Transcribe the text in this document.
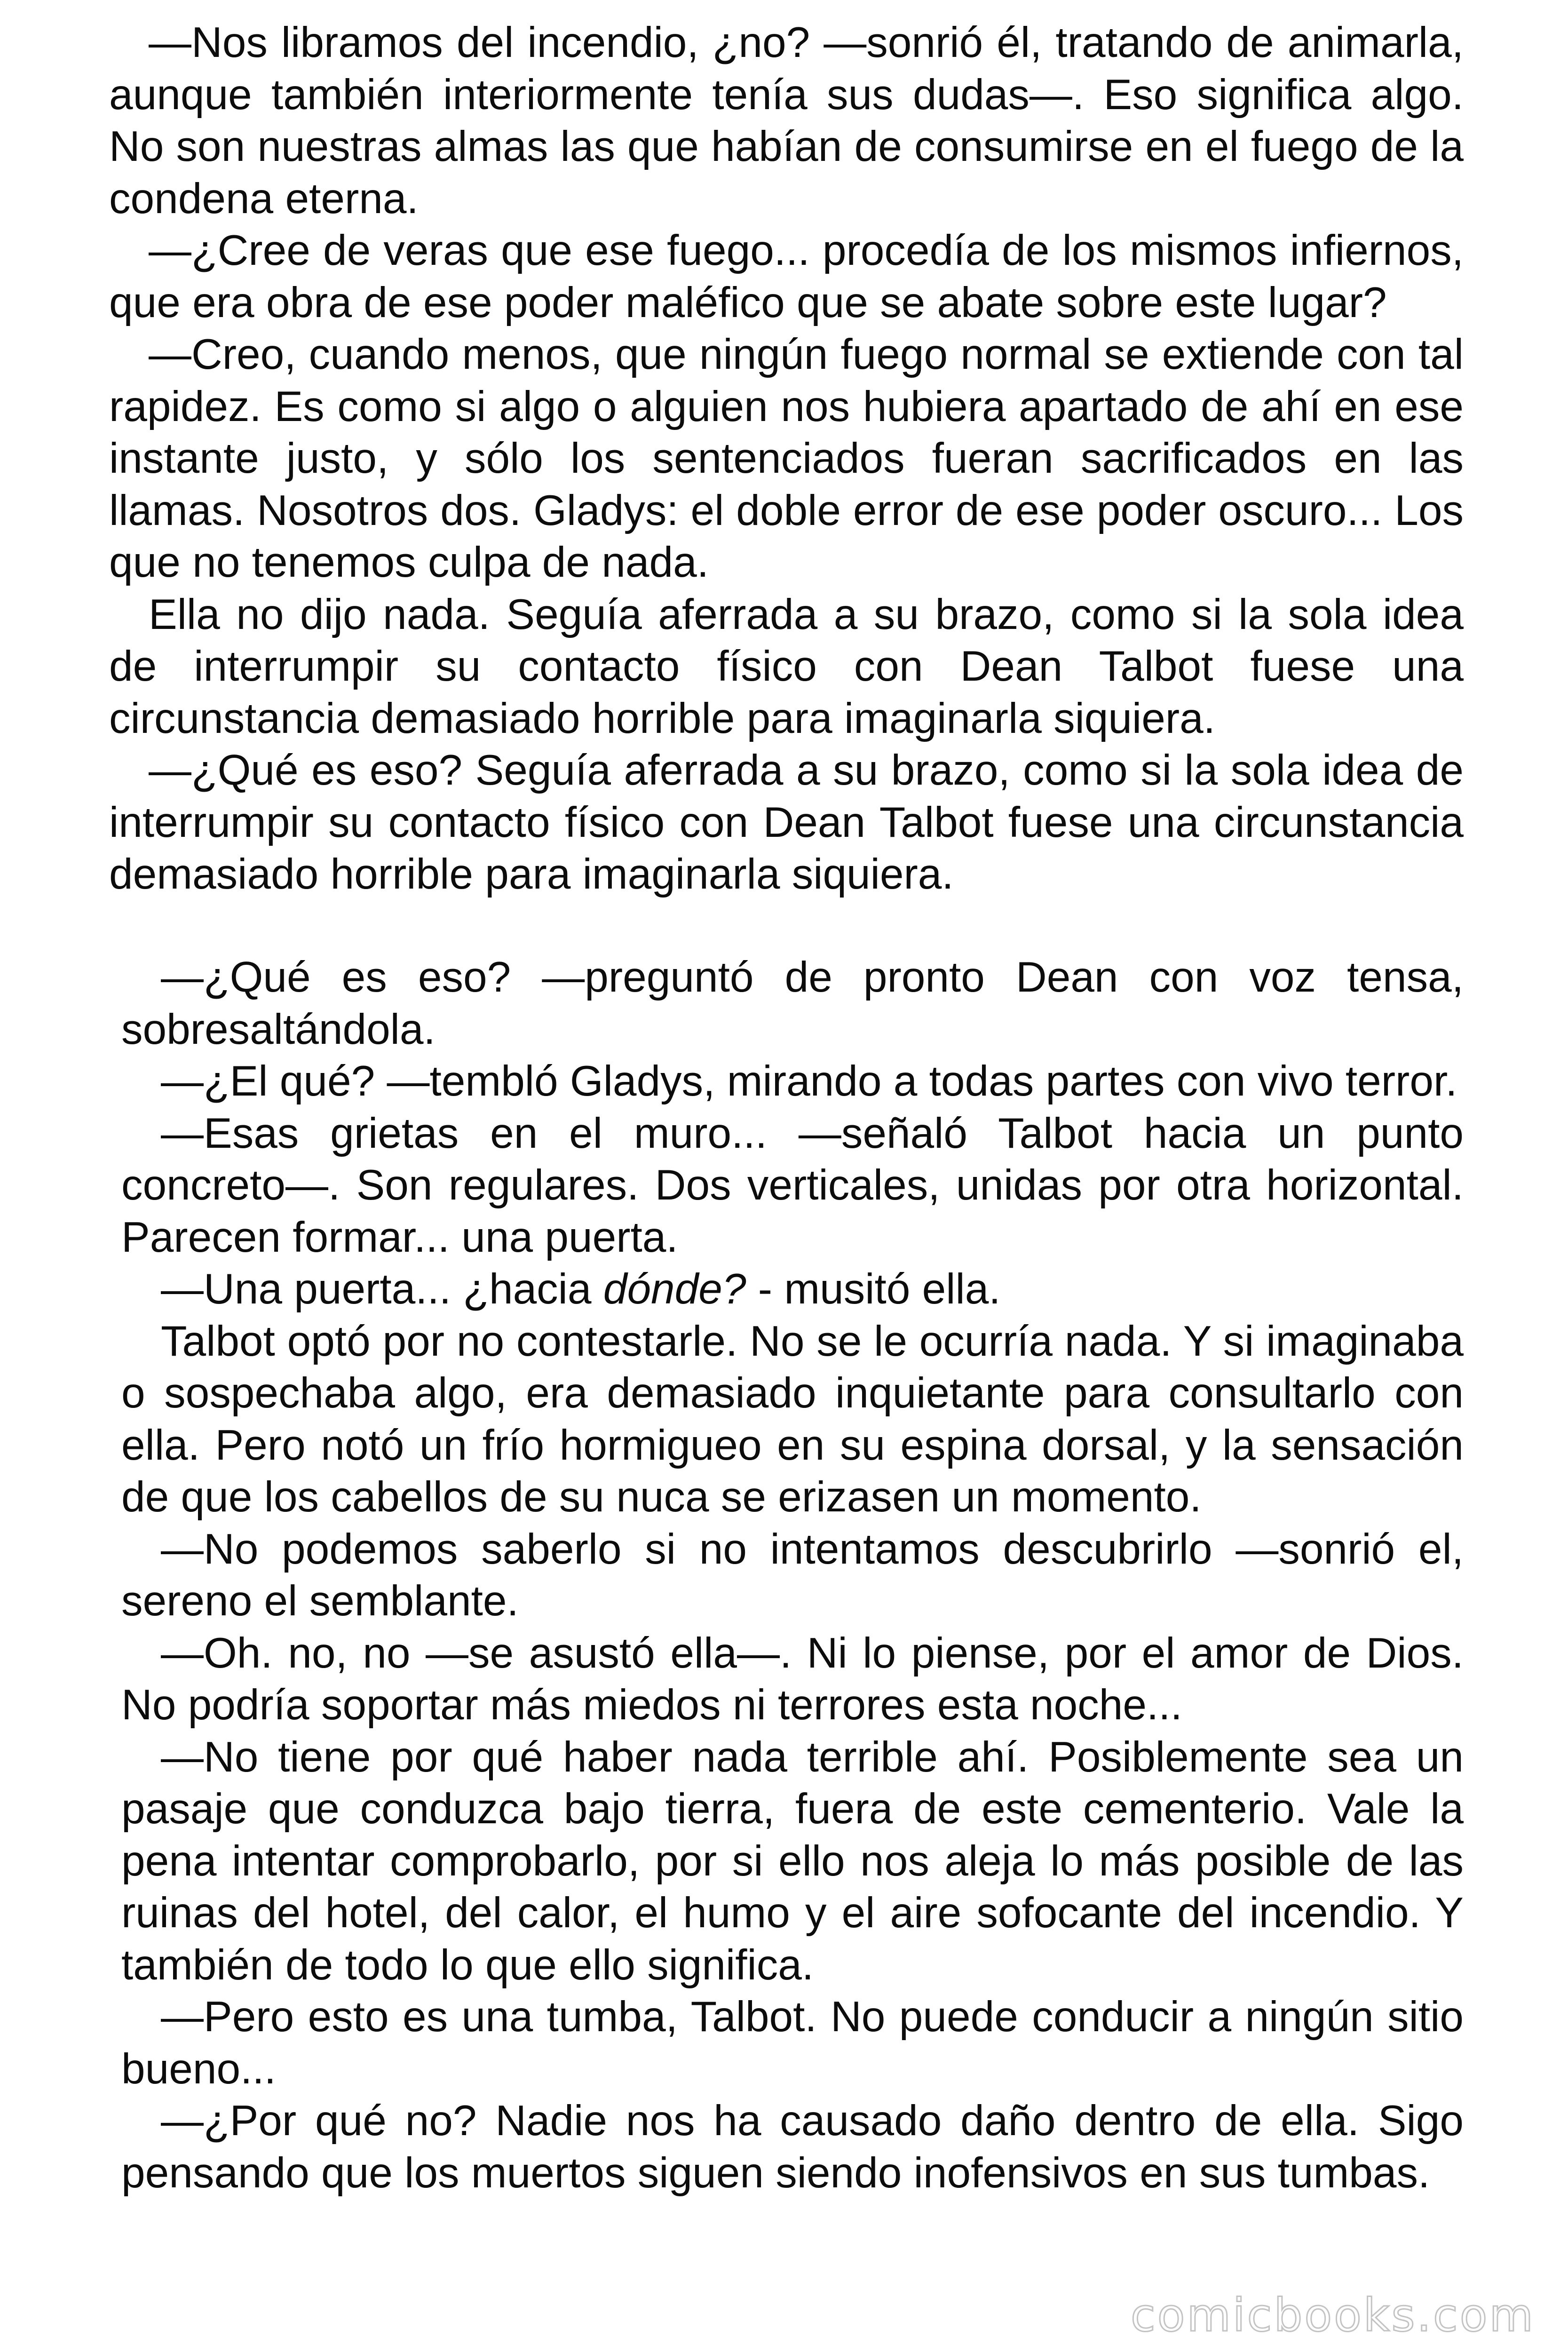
—Nos libramos del incendio, ¿no? —sonrió él, tratando de animarla, aunque también interiormente tenía sus dudas—. Eso significa algo. No son nuestras almas las que habían de consumirse en el fuego de la condena eterna.

—¿Cree de veras que ese fuego... procedía de los mismos infiernos, que era obra de ese poder maléfico que se abate sobre este lugar?

—Creo, cuando menos, que ningún fuego normal se extiende con tal rapidez. Es como si algo o alguien nos hubiera apartado de ahí en ese instante justo, y sólo los sentenciados fueran sacrificados en las llamas. Nosotros dos. Gladys: el doble error de ese poder oscuro... Los que no tenemos culpa de nada.

Ella no dijo nada. Seguía aferrada a su brazo, como si la sola idea de interrumpir su contacto físico con Dean Talbot fuese una circunstancia demasiado horrible para imaginarla siquiera.

—¿Qué es eso? Seguía aferrada a su brazo, como si la sola idea de interrumpir su contacto físico con Dean Talbot fuese una circunstancia demasiado horrible para imaginarla siquiera.

—¿Qué es eso? —preguntó de pronto Dean con voz tensa, sobresaltándola.

—¿El qué? —tembló Gladys, mirando a todas partes con vivo terror.

—Esas grietas en el muro... —señaló Talbot hacia un punto concreto—. Son regulares. Dos verticales, unidas por otra horizontal. Parecen formar... una puerta.

—Una puerta... ¿hacia dónde? - musitó ella.

Talbot optó por no contestarle. No se le ocurría nada. Y si imaginaba o sospechaba algo, era demasiado inquietante para consultarlo con ella. Pero notó un frío hormigueo en su espina dorsal, y la sensación de que los cabellos de su nuca se erizasen un momento.

—No podemos saberlo si no intentamos descubrirlo —sonrió el, sereno el semblante.

—Oh. no, no —se asustó ella—. Ni lo piense, por el amor de Dios. No podría soportar más miedos ni terrores esta noche...

—No tiene por qué haber nada terrible ahí. Posiblemente sea un pasaje que conduzca bajo tierra, fuera de este cementerio. Vale la pena intentar comprobarlo, por si ello nos aleja lo más posible de las ruinas del hotel, del calor, el humo y el aire sofocante del incendio. Y también de todo lo que ello significa.

—Pero esto es una tumba, Talbot. No puede conducir a ningún sitio bueno...

—¿Por qué no? Nadie nos ha causado daño dentro de ella. Sigo pensando que los muertos siguen siendo inofensivos en sus tumbas.

comicbooks.com
